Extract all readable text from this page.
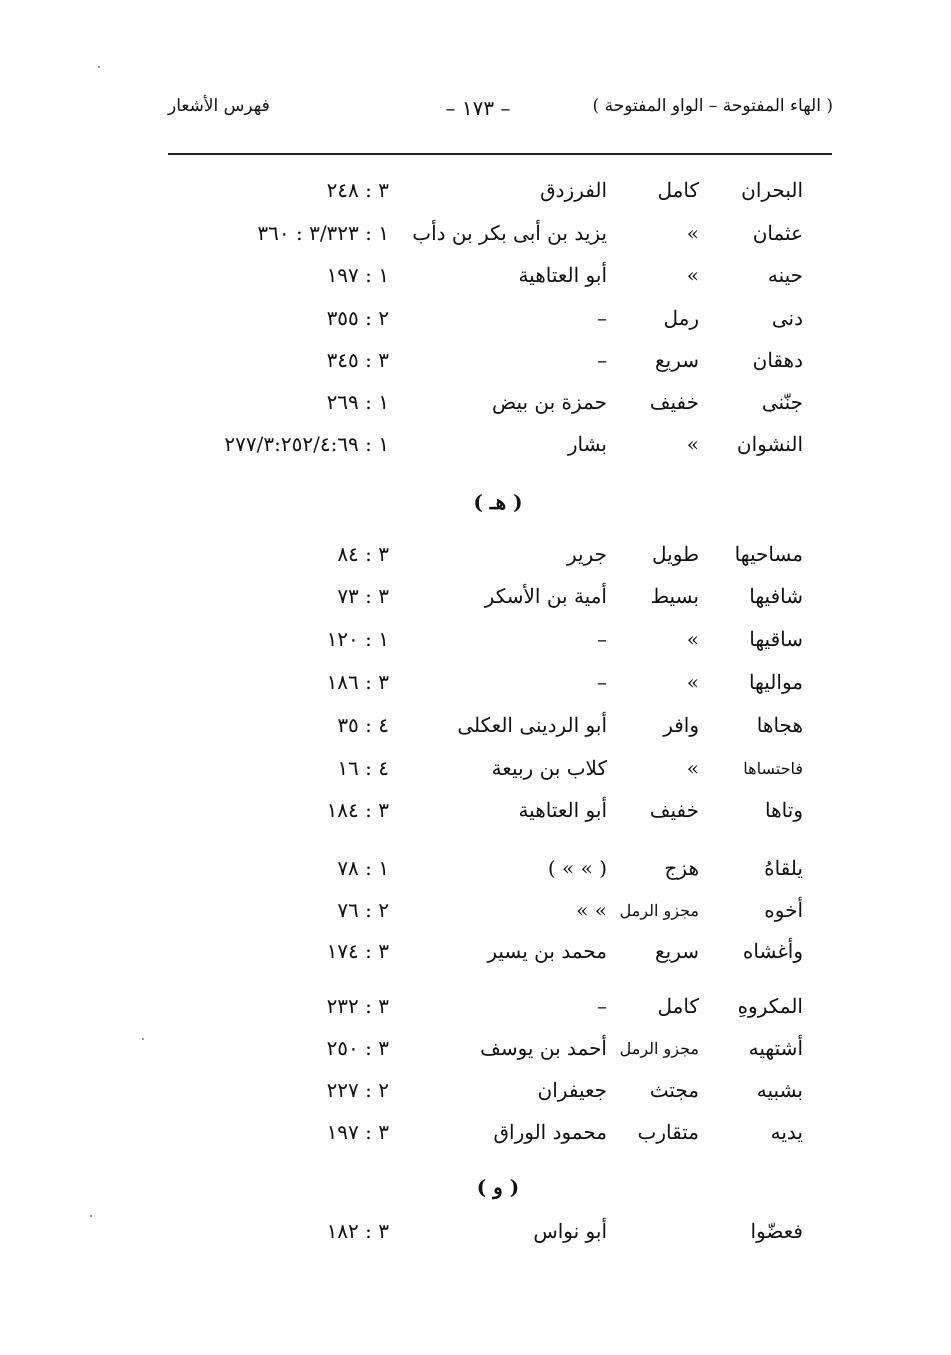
( الهاء المفتوحة – الواو المفتوحة )
– ١٧٣ –
فهرس الأشعار
البحران
كامل
الفرزدق
٣ : ٢٤٨
عثمان
»
يزيد بن أبى بكر بن دأب
١ : ٣/٣٢٣ : ٣٦٠
حينه
»
أبو العتاهية
١ : ١٩٧
دنى
رمل
–
٢ : ٣٥٥
دهقان
سريع
–
٣ : ٣٤٥
جنّنى
خفيف
حمزة بن بيض
١ : ٢٦٩
النشوان
»
بشار
١ : ٢٧٧/٣:٢٥٢/٤:٦٩
( هـ )
مساحيها
طويل
جرير
٣ : ٨٤
شافيها
بسيط
أمية بن الأسكر
٣ : ٧٣
ساقيها
»
–
١ : ١٢٠
مواليها
»
–
٣ : ١٨٦
هجاها
وافر
أبو الردينى العكلى
٤ : ٣٥
فاحتساها
»
كلاب بن ربيعة
٤ : ١٦
وتاها
خفيف
أبو العتاهية
٣ : ١٨٤
يلقاهُ
هزج
( » » )
١ : ٧٨
أخوه
مجزو الرمل
» »
٢ : ٧٦
وأغشاه
سريع
محمد بن يسير
٣ : ١٧٤
المكروهِ
كامل
–
٣ : ٢٣٢
أشتهيه
مجزو الرمل
أحمد بن يوسف
٣ : ٢٥٠
بشبيه
مجتث
جعيفران
٢ : ٢٢٧
يديه
متقارب
محمود الوراق
٣ : ١٩٧
( و )
فعضّوا
أبو نواس
٣ : ١٨٢
